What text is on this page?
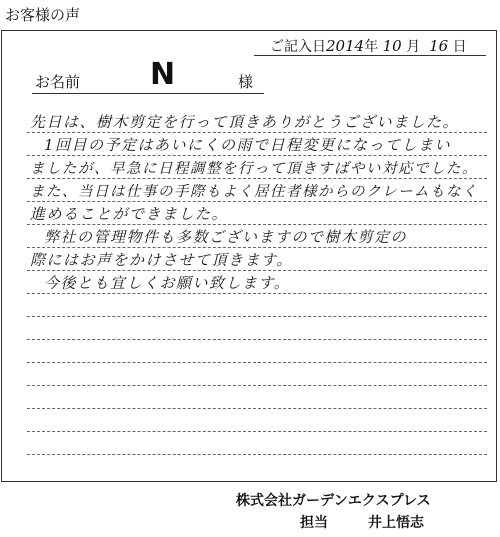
お客様の声
ご記入日2014年 10 月 16 日
お名前 N	様
先日は、樹木剪定を行って頂きありがとうございました。
1回目の予定はあいにくの雨で日程変更になってしまい
ましたが、早急に日程調整を行って頂きすばやい対応でした。
また、当日は仕事の手際もよく居住者様からのクレームもなく
進めることができました。
弊社の管理物件も多数ございますので樹木剪定の
際にはお声をかけさせて頂きます。
今後とも宜しくお願い致します。
株式会社ガーデンエクスプレス
担当	井上悟志
